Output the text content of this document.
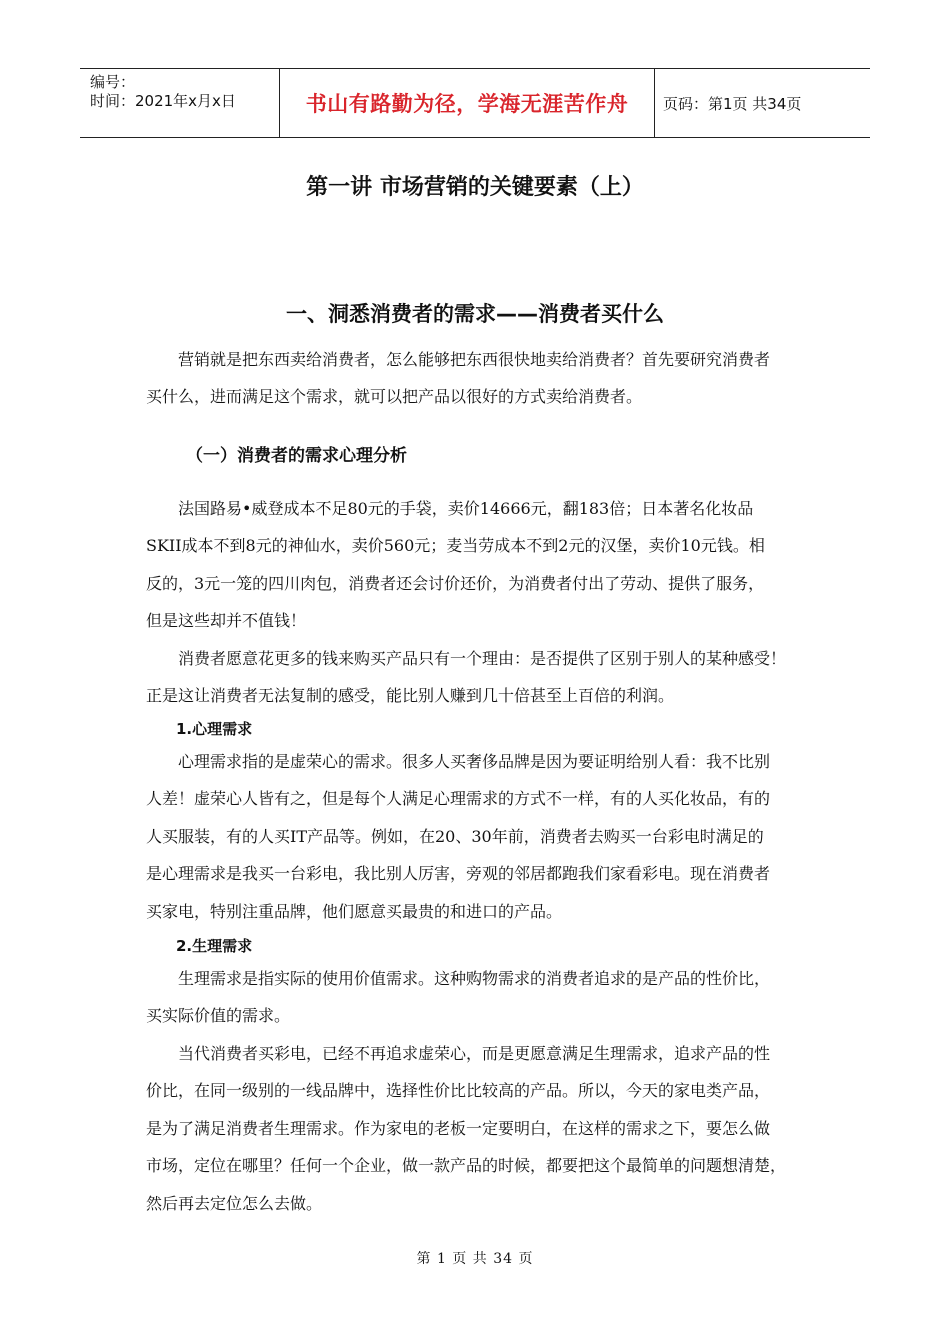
编号：
时间：2021年x月x日	书山有路勤为径，学海无涯苦作舟	页码：第1页 共34页
第一讲 市场营销的关键要素（上）
一、洞悉消费者的需求——消费者买什么
营销就是把东西卖给消费者，怎么能够把东西很快地卖给消费者？首先要研究消费者
买什么，进而满足这个需求，就可以把产品以很好的方式卖给消费者。
（一）消费者的需求心理分析
法国路易•威登成本不足80元的手袋，卖价14666元，翻183倍；日本著名化妆品
SKII成本不到8元的神仙水，卖价560元；麦当劳成本不到2元的汉堡，卖价10元钱。相
反的，3元一笼的四川肉包，消费者还会讨价还价，为消费者付出了劳动、提供了服务，
但是这些却并不值钱！
消费者愿意花更多的钱来购买产品只有一个理由：是否提供了区别于别人的某种感受！
正是这让消费者无法复制的感受，能比别人赚到几十倍甚至上百倍的利润。
1.心理需求
心理需求指的是虚荣心的需求。很多人买奢侈品牌是因为要证明给别人看：我不比别
人差！虚荣心人皆有之，但是每个人满足心理需求的方式不一样，有的人买化妆品，有的
人买服装，有的人买IT产品等。例如，在20、30年前，消费者去购买一台彩电时满足的
是心理需求是我买一台彩电，我比别人厉害，旁观的邻居都跑我们家看彩电。现在消费者
买家电，特别注重品牌，他们愿意买最贵的和进口的产品。
2.生理需求
生理需求是指实际的使用价值需求。这种购物需求的消费者追求的是产品的性价比，
买实际价值的需求。
当代消费者买彩电，已经不再追求虚荣心，而是更愿意满足生理需求，追求产品的性
价比，在同一级别的一线品牌中，选择性价比比较高的产品。所以，今天的家电类产品，
是为了满足消费者生理需求。作为家电的老板一定要明白，在这样的需求之下，要怎么做
市场，定位在哪里？任何一个企业，做一款产品的时候，都要把这个最简单的问题想清楚，
然后再去定位怎么去做。
第 1 页 共 34 页
